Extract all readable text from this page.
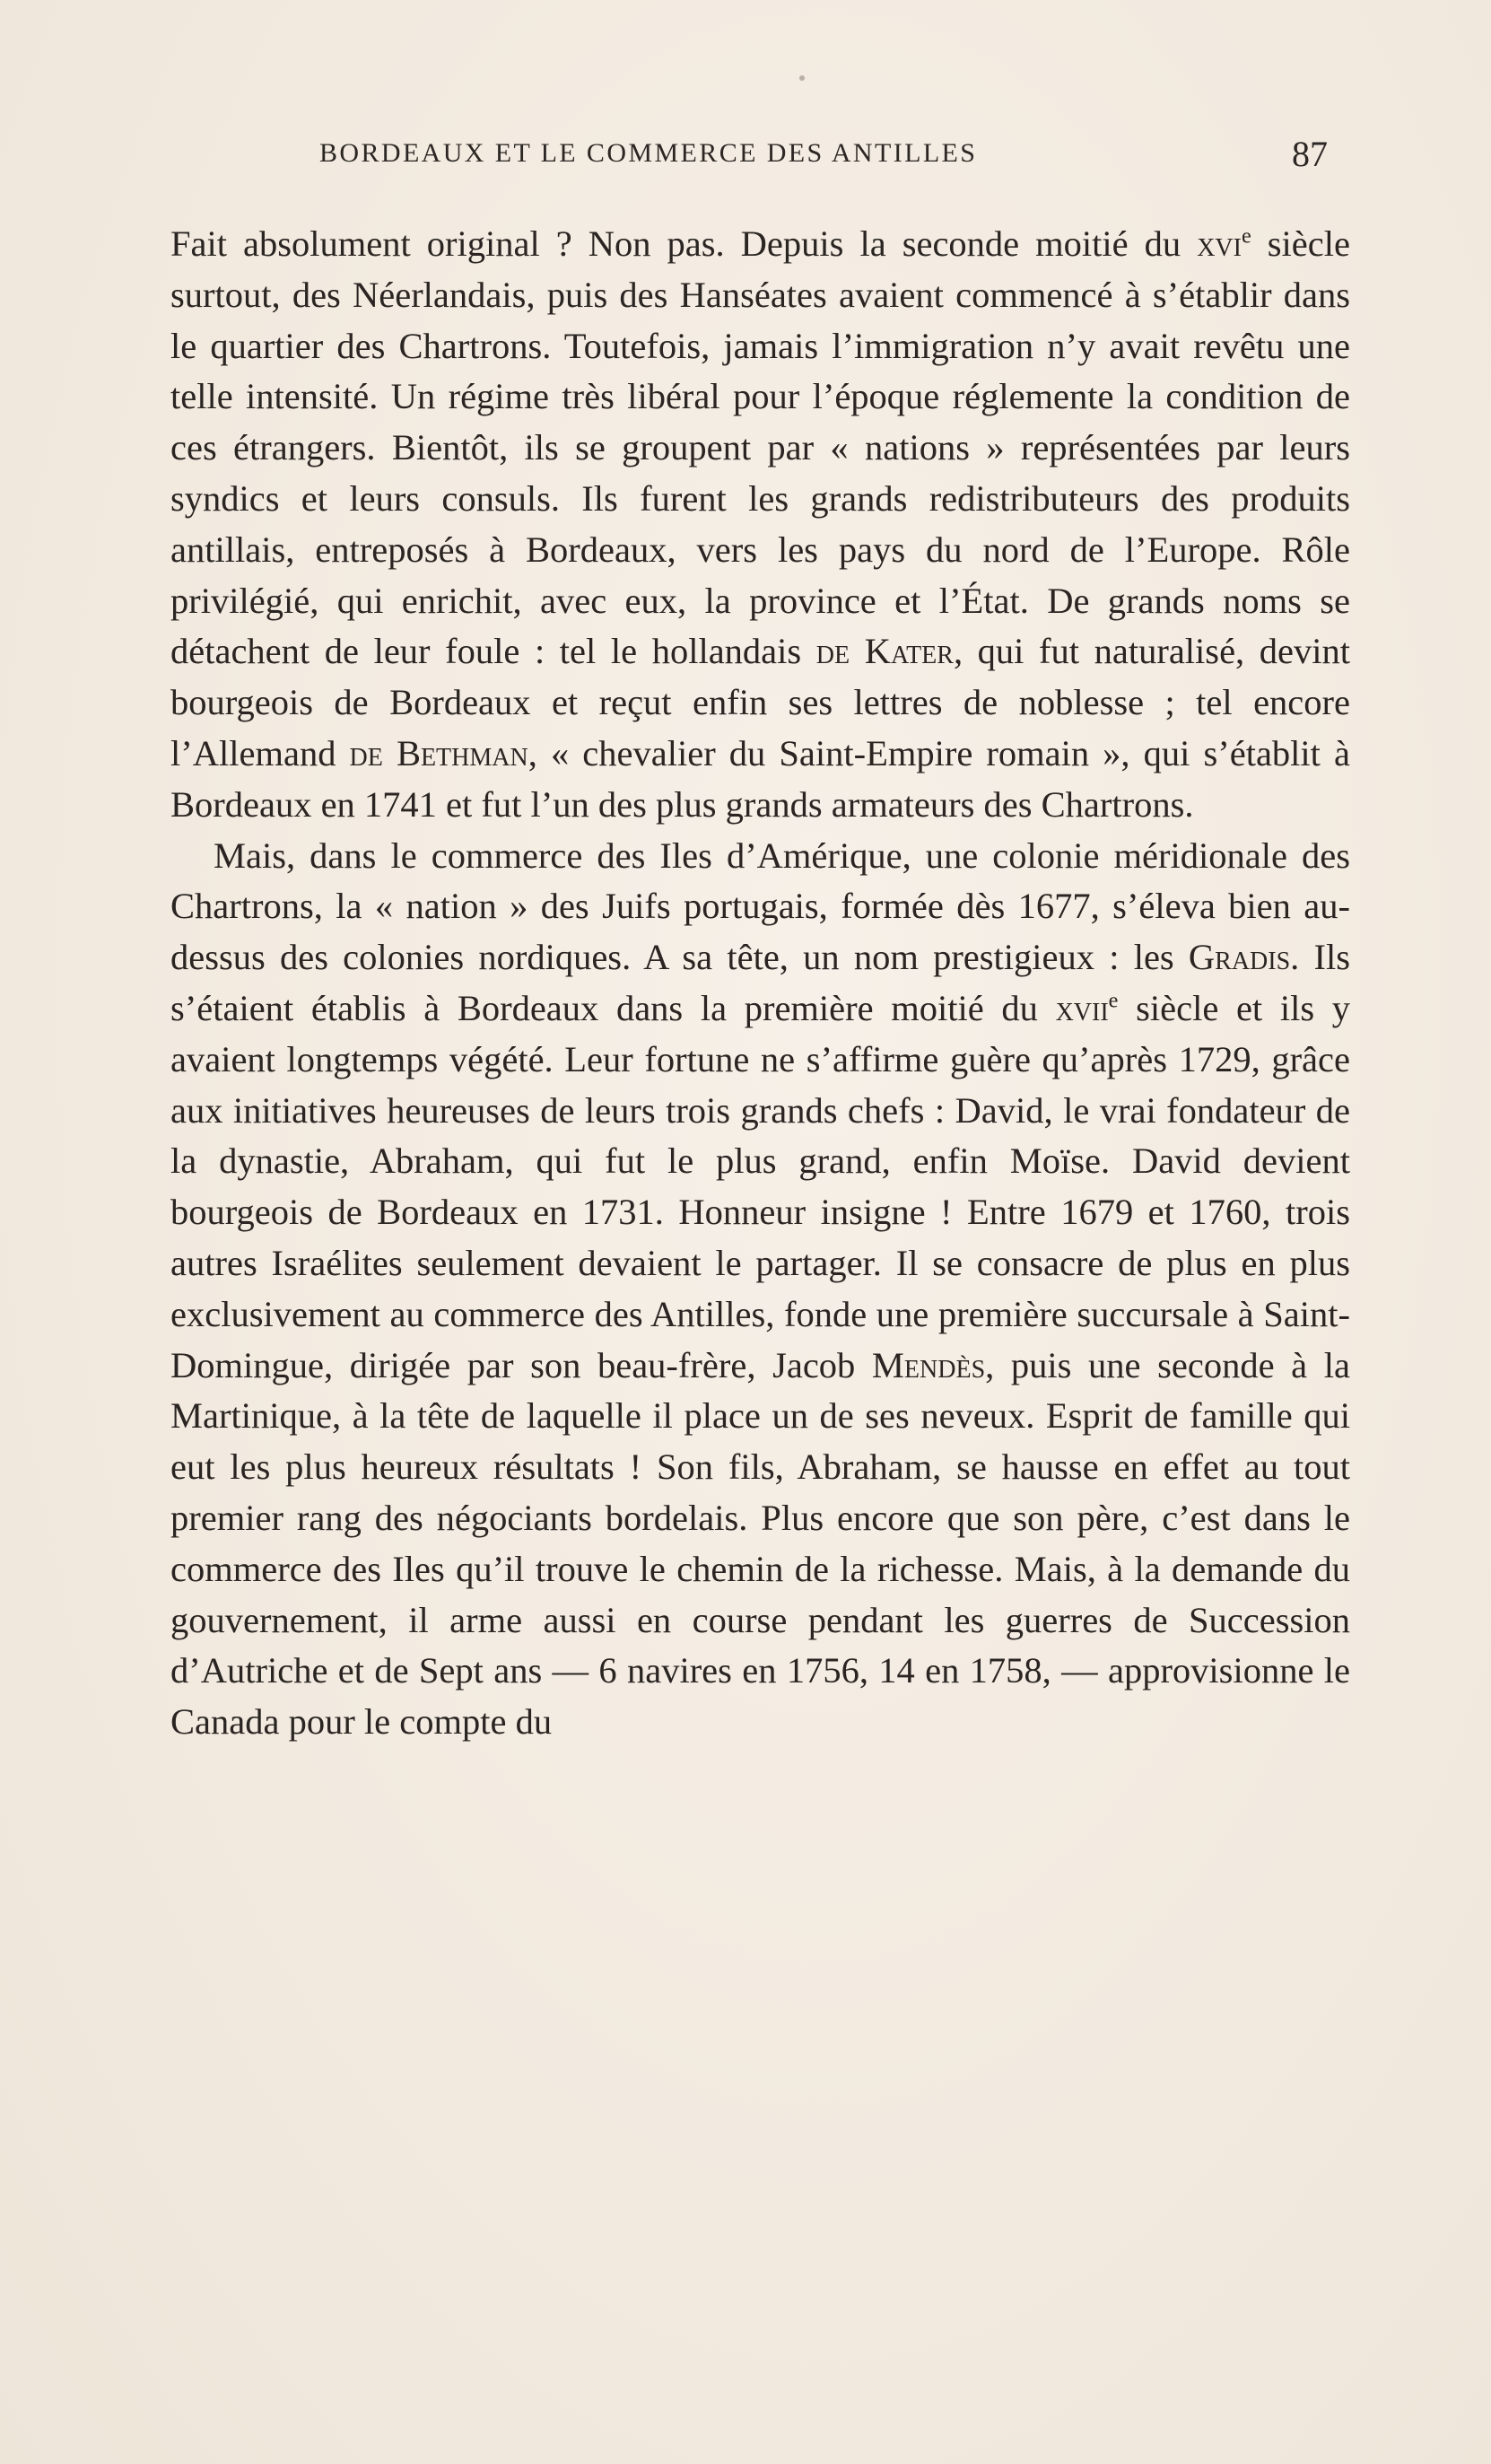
BORDEAUX ET LE COMMERCE DES ANTILLES	87

Fait absolument original ? Non pas. Depuis la seconde moitié du xvi$^e$ siècle surtout, des Néerlandais, puis des Hanséates avaient commencé à s’établir dans le quartier des Chartrons. Toutefois, jamais l’immigration n’y avait revêtu une telle intensité. Un régime très libéral pour l’époque réglemente la condition de ces étrangers. Bientôt, ils se groupent par « nations » représentées par leurs syndics et leurs consuls. Ils furent les grands redistributeurs des produits antillais, entreposés à Bordeaux, vers les pays du nord de l’Europe. Rôle privilégié, qui enrichit, avec eux, la province et l’État. De grands noms se détachent de leur foule : tel le hollandais de Kater, qui fut naturalisé, devint bourgeois de Bordeaux et reçut enfin ses lettres de noblesse ; tel encore l’Allemand de Bethman, « chevalier du Saint-Empire romain », qui s’établit à Bordeaux en 1741 et fut l’un des plus grands armateurs des Chartrons.

Mais, dans le commerce des Iles d’Amérique, une colonie méridionale des Chartrons, la « nation » des Juifs portugais, formée dès 1677, s’éleva bien au-dessus des colonies nordiques. A sa tête, un nom prestigieux : les Gradis. Ils s’étaient établis à Bordeaux dans la première moitié du xvii$^e$ siècle et ils y avaient longtemps végété. Leur fortune ne s’affirme guère qu’après 1729, grâce aux initiatives heureuses de leurs trois grands chefs : David, le vrai fondateur de la dynastie, Abraham, qui fut le plus grand, enfin Moïse. David devient bourgeois de Bordeaux en 1731. Honneur insigne ! Entre 1679 et 1760, trois autres Israélites seulement devaient le partager. Il se consacre de plus en plus exclusivement au commerce des Antilles, fonde une première succursale à Saint-Domingue, dirigée par son beau-frère, Jacob Mendès, puis une seconde à la Martinique, à la tête de laquelle il place un de ses neveux. Esprit de famille qui eut les plus heureux résultats ! Son fils, Abraham, se hausse en effet au tout premier rang des négociants bordelais. Plus encore que son père, c’est dans le commerce des Iles qu’il trouve le chemin de la richesse. Mais, à la demande du gouvernement, il arme aussi en course pendant les guerres de Succession d’Autriche et de Sept ans — 6 navires en 1756, 14 en 1758, — approvisionne le Canada pour le compte du
